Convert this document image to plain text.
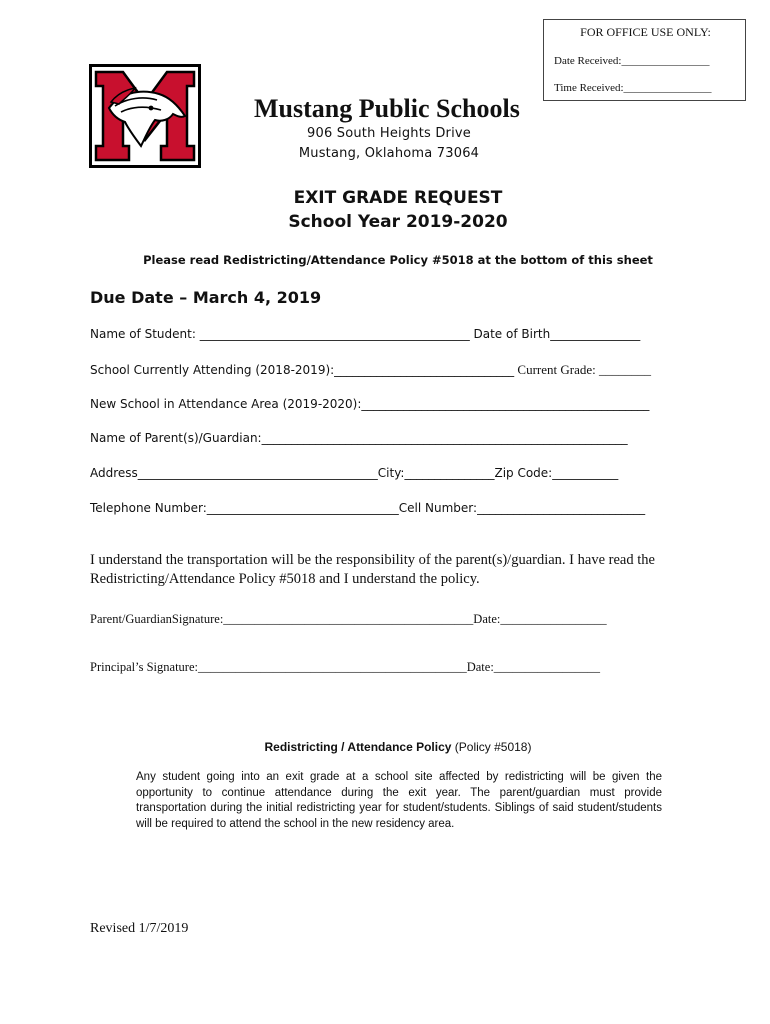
FOR OFFICE USE ONLY:
Date Received:________________
Time Received:________________
Mustang Public Schools
906 South Heights Drive
Mustang, Oklahoma 73064
EXIT GRADE REQUEST
School Year 2019-2020
Please read Redistricting/Attendance Policy #5018 at the bottom of this sheet
Due Date – March 4, 2019
Name of Student: _____________________________________________ Date of Birth_______________
School Currently Attending (2018-2019):______________________________ Current Grade: ________
New School in Attendance Area (2019-2020):________________________________________________
Name of Parent(s)/Guardian:_____________________________________________________________
Address________________________________________City:_______________Zip Code:___________
Telephone Number:________________________________Cell Number:____________________________
I understand the transportation will be the responsibility of the parent(s)/guardian. I have read the
Redistricting/Attendance Policy #5018 and I understand the policy.
Parent/GuardianSignature:________________________________________Date:_________________
Principal’s Signature:___________________________________________Date:_________________
Redistricting / Attendance Policy (Policy #5018)
Any student going into an exit grade at a school site affected by redistricting will be given the opportunity to continue attendance during the exit year. The parent/guardian must provide transportation during the initial redistricting year for student/students. Siblings of said student/students will be required to attend the school in the new residency area.
Revised 1/7/2019
